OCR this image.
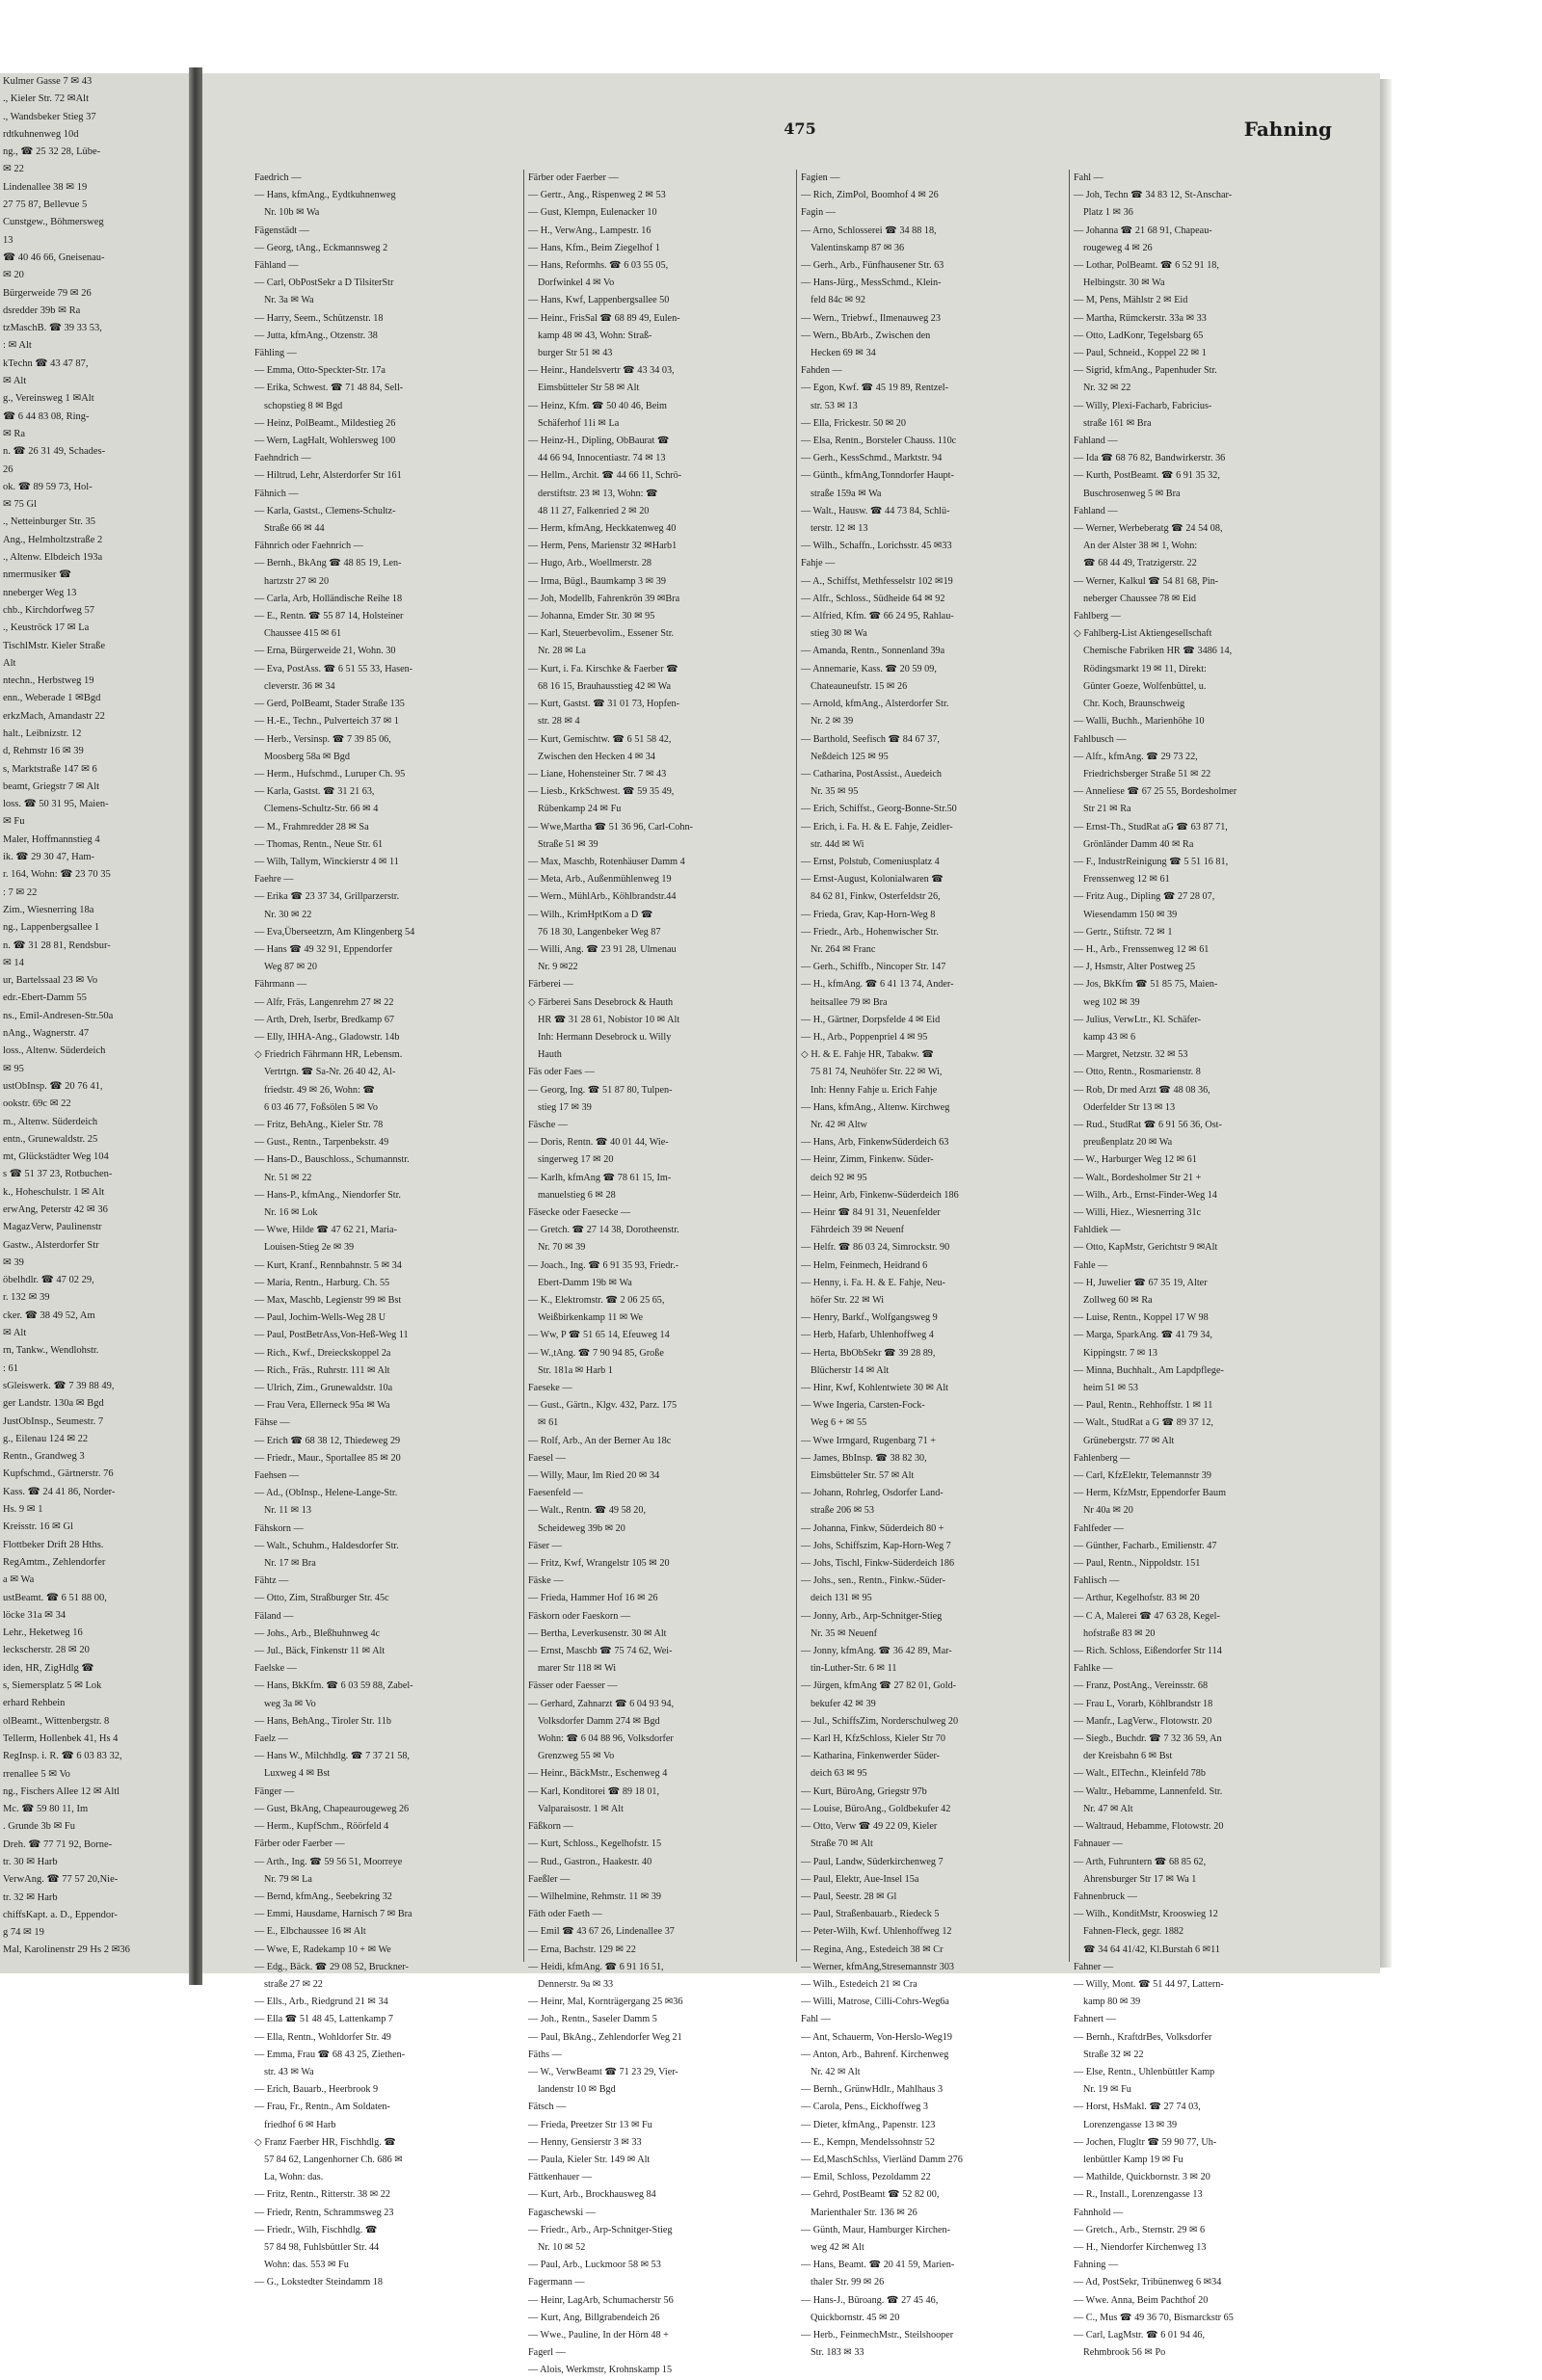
Kulmer Gasse 7 ✉ 43
., Kieler Str. 72 ✉Alt
., Wandsbeker Stieg 37
rdtkuhnenweg 10d
ng., ☎ 25 32 28, Lübe-
✉ 22
Lindenallee 38 ✉ 19
27 75 87, Bellevue 5
Cunstgew., Böhmersweg
13
☎ 40 46 66, Gneisenau-
✉ 20
Bürgerweide 79 ✉ 26
dsredder 39b ✉ Ra
tzMaschB. ☎ 39 33 53,
: ✉ Alt
kTechn ☎ 43 47 87,
✉ Alt
g., Vereinsweg 1 ✉Alt
☎ 6 44 83 08, Ring-
✉ Ra
n. ☎ 26 31 49, Schades-
26
ok. ☎ 89 59 73, Hol-
✉ 75 Gl
., Netteinburger Str. 35
Ang., Helmholtzstraße 2
., Altenw. Elbdeich 193a
nmermusiker ☎
nneberger Weg 13
chb., Kirchdorfweg 57
., Keuströck 17 ✉ La
TischlMstr. Kieler Straße
Alt
ntechn., Herbstweg 19
enn., Weberade 1 ✉Bgd
erkzMach, Amandastr 22
halt., Leibnizstr. 12
d, Rehmstr 16 ✉ 39
s, Marktstraße 147 ✉ 6
beamt, Griegstr 7 ✉ Alt
loss. ☎ 50 31 95, Maien-
✉ Fu
Maler, Hoffmannstieg 4
ik. ☎ 29 30 47, Ham-
r. 164, Wohn: ☎ 23 70 35
: 7 ✉ 22
Zim., Wiesnerring 18a
ng., Lappenbergsallee 1
n. ☎ 31 28 81, Rendsbur-
✉ 14
ur, Bartelssaal 23 ✉ Vo
edr.-Ebert-Damm 55
ns., Emil-Andresen-Str.50a
nAng., Wagnerstr. 47
loss., Altenw. Süderdeich
✉ 95
ustObInsp. ☎ 20 76 41,
ookstr. 69c ✉ 22
m., Altenw. Süderdeich
entn., Grunewaldstr. 25
mt, Glückstädter Weg 104
s ☎ 51 37 23, Rotbuchen-
k., Hoheschulstr. 1 ✉ Alt
erwAng, Peterstr 42 ✉ 36
MagazVerw, Paulinenstr
Gastw., Alsterdorfer Str
✉ 39
öbelhdlr. ☎ 47 02 29,
r. 132 ✉ 39
cker. ☎ 38 49 52, Am
✉ Alt
rn, Tankw., Wendlohstr.
: 61
sGleiswerk. ☎ 7 39 88 49,
ger Landstr. 130a ✉ Bgd
JustObInsp., Seumestr. 7
g., Eilenau 124 ✉ 22
Rentn., Grandweg 3
Kupfschmd., Gärtnerstr. 76
Kass. ☎ 24 41 86, Norder-
Hs. 9 ✉ 1
Kreisstr. 16 ✉ Gl
Flottbeker Drift 28 Hths.
RegAmtm., Zehlendorfer
a ✉ Wa
ustBeamt. ☎ 6 51 88 00,
löcke 31a ✉ 34
Lehr., Heketweg 16
leckscherstr. 28 ✉ 20
iden, HR, ZigHdlg ☎
s, Siemersplatz 5 ✉ Lok
erhard Rehbein
olBeamt., Wittenbergstr. 8
Tellerm, Hollenbek 41, Hs 4
RegInsp. i. R. ☎ 6 03 83 32,
rrenallee 5 ✉ Vo
ng., Fischers Allee 12 ✉ Altl
Mc. ☎ 59 80 11, Im
. Grunde 3b ✉ Fu
Dreh. ☎ 77 71 92, Borne-
tr. 30 ✉ Harb
VerwAng. ☎ 77 57 20,Nie-
tr. 32 ✉ Harb
chiffsKapt. a. D., Eppendor-
g 74 ✉ 19
Mal, Karolinenstr 29 Hs 2 ✉36
475	Fahning
Faedrich —
— Hans, kfmAng., Eydtkuhnenweg
Nr. 10b ✉ Wa
Fägenstädt —
— Georg, tAng., Eckmannsweg 2
Fähland —
— Carl, ObPostSekr a D TilsiterStr
Nr. 3a ✉ Wa
— Harry, Seem., Schützenstr. 18
— Jutta, kfmAng., Otzenstr. 38
Fähling —
— Emma, Otto-Speckter-Str. 17a
— Erika, Schwest. ☎ 71 48 84, Sell-
schopstieg 8 ✉ Bgd
— Heinz, PolBeamt., Mildestieg 26
— Wern, LagHalt, Wohlersweg 100
Faehndrich —
— Hiltrud, Lehr, Alsterdorfer Str 161
Fähnich —
— Karla, Gastst., Clemens-Schultz-
Straße 66 ✉ 44
Fähnrich oder Faehnrich —
— Bernh., BkAng ☎ 48 85 19, Len-
hartzstr 27 ✉ 20
— Carla, Arb, Holländische Reihe 18
— E., Rentn. ☎ 55 87 14, Holsteiner
Chaussee 415 ✉ 61
— Erna, Bürgerweide 21, Wohn. 30
— Eva, PostAss. ☎ 6 51 55 33, Hasen-
cleverstr. 36 ✉ 34
— Gerd, PolBeamt, Stader Straße 135
— H.-E., Techn., Pulverteich 37 ✉ 1
— Herb., Versinsp. ☎ 7 39 85 06,
Moosberg 58a ✉ Bgd
— Herm., Hufschmd., Luruper Ch. 95
— Karla, Gastst. ☎ 31 21 63,
Clemens-Schultz-Str. 66 ✉ 4
— M., Frahmredder 28 ✉ Sa
— Thomas, Rentn., Neue Str. 61
— Wilh, Tallym, Winckierstr 4 ✉ 11
Faehre —
— Erika ☎ 23 37 34, Grillparzerstr.
Nr. 30 ✉ 22
— Eva,Überseetzrn, Am Klingenberg 54
— Hans ☎ 49 32 91, Eppendorfer
Weg 87 ✉ 20
Fährmann —
— Alfr, Fräs, Langenrehm 27 ✉ 22
— Arth, Dreh, Iserbr, Bredkamp 67
— Elly, IHHA-Ang., Gladowstr. 14b
◇ Friedrich Fährmann HR, Lebensm.
Vertrtgn. ☎ Sa-Nr. 26 40 42, Al-
friedstr. 49 ✉ 26, Wohn: ☎
6 03 46 77, Foßsölen 5 ✉ Vo
— Fritz, BehAng., Kieler Str. 78
— Gust., Rentn., Tarpenbekstr. 49
— Hans-D., Bauschloss., Schumannstr.
Nr. 51 ✉ 22
— Hans-P., kfmAng., Niendorfer Str.
Nr. 16 ✉ Lok
— Wwe, Hilde ☎ 47 62 21, Maria-
Louisen-Stieg 2e ✉ 39
— Kurt, Kranf., Rennbahnstr. 5 ✉ 34
— Maria, Rentn., Harburg. Ch. 55
— Max, Maschb, Legienstr 99 ✉ Bst
— Paul, Jochim-Wells-Weg 28 U
— Paul, PostBetrAss,Von-Heß-Weg 11
— Rich., Kwf., Dreieckskoppel 2a
— Rich., Fräs., Ruhrstr. 111 ✉ Alt
— Ulrich, Zim., Grunewaldstr. 10a
— Frau Vera, Ellerneck 95a ✉ Wa
Fähse —
— Erich ☎ 68 38 12, Thiedeweg 29
— Friedr., Maur., Sportallee 85 ✉ 20
Faehsen —
— Ad., (ObInsp., Helene-Lange-Str.
Nr. 11 ✉ 13
Fähskorn —
— Walt., Schuhm., Haldesdorfer Str.
Nr. 17 ✉ Bra
Fähtz —
— Otto, Zim, Straßburger Str. 45c
Fäland —
— Johs., Arb., Bleßhuhnweg 4c
— Jul., Bäck, Finkenstr 11 ✉ Alt
Faelske —
— Hans, BkKfm. ☎ 6 03 59 88, Zabel-
weg 3a ✉ Vo
— Hans, BehAng., Tiroler Str. 11b
Faelz —
— Hans W., Milchhdlg. ☎ 7 37 21 58,
Luxweg 4 ✉ Bst
Fänger —
— Gust, BkAng, Chapeaurougeweg 26
— Herm., KupfSchm., Röörfeld 4
Färber oder Faerber —
— Arth., Ing. ☎ 59 56 51, Moorreye
Nr. 79 ✉ La
— Bernd, kfmAng., Seebekring 32
— Emmi, Hausdame, Harnisch 7 ✉ Bra
— E., Elbchaussee 16 ✉ Alt
— Wwe, E, Radekamp 10 + ✉ We
— Edg., Bäck. ☎ 29 08 52, Bruckner-
straße 27 ✉ 22
— Ells., Arb., Riedgrund 21 ✉ 34
— Ella ☎ 51 48 45, Lattenkamp 7
— Ella, Rentn., Wohldorfer Str. 49
— Emma, Frau ☎ 68 43 25, Ziethen-
str. 43 ✉ Wa
— Erich, Bauarb., Heerbrook 9
— Frau, Fr., Rentn., Am Soldaten-
friedhof 6 ✉ Harb
◇ Franz Faerber HR, Fischhdlg. ☎
57 84 62, Langenhorner Ch. 686 ✉
La, Wohn: das.
— Fritz, Rentn., Ritterstr. 38 ✉ 22
— Friedr, Rentn, Schrammsweg 23
— Friedr., Wilh, Fischhdlg. ☎
57 84 98, Fuhlsbüttler Str. 44
Wohn: das. 553 ✉ Fu
— G., Lokstedter Steindamm 18
Färber oder Faerber —
— Gertr., Ang., Rispenweg 2 ✉ 53
— Gust, Klempn, Eulenacker 10
— H., VerwAng., Lampestr. 16
— Hans, Kfm., Beim Ziegelhof 1
— Hans, Reformhs. ☎ 6 03 55 05,
Dorfwinkel 4 ✉ Vo
— Hans, Kwf, Lappenbergsallee 50
— Heinr., FrisSal ☎ 68 89 49, Eulen-
kamp 48 ✉ 43, Wohn: Straß-
burger Str 51 ✉ 43
— Heinr., Handelsvertr ☎ 43 34 03,
Eimsbütteler Str 58 ✉ Alt
— Heinz, Kfm. ☎ 50 40 46, Beim
Schäferhof 11i ✉ La
— Heinz-H., Dipling, ObBaurat ☎
44 66 94, Innocentiastr. 74 ✉ 13
— Hellm., Archit. ☎ 44 66 11, Schrö-
derstiftstr. 23 ✉ 13, Wohn: ☎
48 11 27, Falkenried 2 ✉ 20
— Herm, kfmAng, Heckkatenweg 40
— Herm, Pens, Marienstr 32 ✉Harb1
— Hugo, Arb., Woellmerstr. 28
— Irma, Bügl., Baumkamp 3 ✉ 39
— Joh, Modellb, Fahrenkrön 39 ✉Bra
— Johanna, Emder Str. 30 ✉ 95
— Karl, Steuerbevolim., Essener Str.
Nr. 28 ✉ La
— Kurt, i. Fa. Kirschke & Faerber ☎
68 16 15, Brauhausstieg 42 ✉ Wa
— Kurt, Gastst. ☎ 31 01 73, Hopfen-
str. 28 ✉ 4
— Kurt, Gemischtw. ☎ 6 51 58 42,
Zwischen den Hecken 4 ✉ 34
— Liane, Hohensteiner Str. 7 ✉ 43
— Liesb., KrkSchwest. ☎ 59 35 49,
Rübenkamp 24 ✉ Fu
— Wwe,Martha ☎ 51 36 96, Carl-Cohn-
Straße 51 ✉ 39
— Max, Maschb, Rotenhäuser Damm 4
— Meta, Arb., Außenmühlenweg 19
— Wern., MühlArb., Köhlbrandstr.44
— Wilh., KrimHptKom a D ☎
76 18 30, Langenbeker Weg 87
— Willi, Ang. ☎ 23 91 28, Ulmenau
Nr. 9 ✉22
Färberei —
◇ Färberei Sans Desebrock & Hauth
HR ☎ 31 28 61, Nobistor 10 ✉ Alt
Inh: Hermann Desebrock u. Willy
Hauth
Fäs oder Faes —
— Georg, Ing. ☎ 51 87 80, Tulpen-
stieg 17 ✉ 39
Fäsche —
— Doris, Rentn. ☎ 40 01 44, Wie-
singerweg 17 ✉ 20
— Karlh, kfmAng ☎ 78 61 15, Im-
manuelstieg 6 ✉ 28
Fäsecke oder Faesecke —
— Gretch. ☎ 27 14 38, Dorotheenstr.
Nr. 70 ✉ 39
— Joach., Ing. ☎ 6 91 35 93, Friedr.-
Ebert-Damm 19b ✉ Wa
— K., Elektromstr. ☎ 2 06 25 65,
Weißbirkenkamp 11 ✉ We
— Ww, P ☎ 51 65 14, Efeuweg 14
— W.,tAng. ☎ 7 90 94 85, Große
Str. 181a ✉ Harb 1
Faeseke —
— Gust., Gärtn., Klgv. 432, Parz. 175
✉ 61
— Rolf, Arb., An der Berner Au 18c
Faesel —
— Willy, Maur, Im Ried 20 ✉ 34
Faesenfeld —
— Walt., Rentn. ☎ 49 58 20,
Scheideweg 39b ✉ 20
Fäser —
— Fritz, Kwf, Wrangelstr 105 ✉ 20
Fäske —
— Frieda, Hammer Hof 16 ✉ 26
Fäskorn oder Faeskorn —
— Bertha, Leverkusenstr. 30 ✉ Alt
— Ernst, Maschb ☎ 75 74 62, Wei-
marer Str 118 ✉ Wi
Fässer oder Faesser —
— Gerhard, Zahnarzt ☎ 6 04 93 94,
Volksdorfer Damm 274 ✉ Bgd
Wohn: ☎ 6 04 88 96, Volksdorfer
Grenzweg 55 ✉ Vo
— Heinr., BäckMstr., Eschenweg 4
— Karl, Konditorei ☎ 89 18 01,
Valparaisostr. 1 ✉ Alt
Fäßkorn —
— Kurt, Schloss., Kegelhofstr. 15
— Rud., Gastron., Haakestr. 40
Faeßler —
— Wilhelmine, Rehmstr. 11 ✉ 39
Fäth oder Faeth —
— Emil ☎ 43 67 26, Lindenallee 37
— Erna, Bachstr. 129 ✉ 22
— Heidi, kfmAng. ☎ 6 91 16 51,
Dennerstr. 9a ✉ 33
— Heinr, Mal, Kornträgergang 25 ✉36
— Joh., Rentn., Saseler Damm 5
— Paul, BkAng., Zehlendorfer Weg 21
Fäths —
— W., VerwBeamt ☎ 71 23 29, Vier-
landenstr 10 ✉ Bgd
Fätsch —
— Frieda, Preetzer Str 13 ✉ Fu
— Henny, Gensierstr 3 ✉ 33
— Paula, Kieler Str. 149 ✉ Alt
Fättkenhauer —
— Kurt, Arb., Brockhausweg 84
Fagaschewski —
— Friedr., Arb., Arp-Schnitger-Stieg
Nr. 10 ✉ 52
— Paul, Arb., Luckmoor 58 ✉ 53
Fagermann —
— Heinr, LagArb, Schumacherstr 56
— Kurt, Ang, Billgrabendeich 26
— Wwe., Pauline, In der Hörn 48 +
Fagerl —
— Alois, Werkmstr, Krohnskamp 15
Fagien —
— Rich, ZimPol, Boomhof 4 ✉ 26
Fagin —
— Arno, Schlosserei ☎ 34 88 18,
Valentinskamp 87 ✉ 36
— Gerh., Arb., Fünfhausener Str. 63
— Hans-Jürg., MessSchmd., Klein-
feld 84c ✉ 92
— Wern., Triebwf., Ilmenauweg 23
— Wern., BbArb., Zwischen den
Hecken 69 ✉ 34
Fahden —
— Egon, Kwf. ☎ 45 19 89, Rentzel-
str. 53 ✉ 13
— Ella, Frickestr. 50 ✉ 20
— Elsa, Rentn., Borsteler Chauss. 110c
— Gerh., KessSchmd., Marktstr. 94
— Günth., kfmAng,Tonndorfer Haupt-
straße 159a ✉ Wa
— Walt., Hausw. ☎ 44 73 84, Schlü-
terstr. 12 ✉ 13
— Wilh., Schaffn., Lorichsstr. 45 ✉33
Fahje —
— A., Schiffst, Methfesselstr 102 ✉19
— Alfr., Schloss., Südheide 64 ✉ 92
— Alfried, Kfm. ☎ 66 24 95, Rahlau-
stieg 30 ✉ Wa
— Amanda, Rentn., Sonnenland 39a
— Annemarie, Kass. ☎ 20 59 09,
Chateauneufstr. 15 ✉ 26
— Arnold, kfmAng., Alsterdorfer Str.
Nr. 2 ✉ 39
— Barthold, Seefisch ☎ 84 67 37,
Neßdeich 125 ✉ 95
— Catharina, PostAssist., Auedeich
Nr. 35 ✉ 95
— Erich, Schiffst., Georg-Bonne-Str.50
— Erich, i. Fa. H. & E. Fahje, Zeidler-
str. 44d ✉ Wi
— Ernst, Polstub, Comeniusplatz 4
— Ernst-August, Kolonialwaren ☎
84 62 81, Finkw, Osterfeldstr 26,
— Frieda, Grav, Kap-Horn-Weg 8
— Friedr., Arb., Hohenwischer Str.
Nr. 264 ✉ Franc
— Gerh., Schiffb., Nincoper Str. 147
— H., kfmAng. ☎ 6 41 13 74, Ander-
heitsallee 79 ✉ Bra
— H., Gärtner, Dorpsfelde 4 ✉ Eid
— H., Arb., Poppenpriel 4 ✉ 95
◇ H. & E. Fahje HR, Tabakw. ☎
75 81 74, Neuhöfer Str. 22 ✉ Wi,
Inh: Henny Fahje u. Erich Fahje
— Hans, kfmAng., Altenw. Kirchweg
Nr. 42 ✉ Altw
— Hans, Arb, FinkenwSüderdeich 63
— Heinr, Zimm, Finkenw. Süder-
deich 92 ✉ 95
— Heinr, Arb, Finkenw-Süderdeich 186
— Heinr ☎ 84 91 31, Neuenfelder
Fährdeich 39 ✉ Neuenf
— Helfr. ☎ 86 03 24, Simrockstr. 90
— Helm, Feinmech, Heidrand 6
— Henny, i. Fa. H. & E. Fahje, Neu-
höfer Str. 22 ✉ Wi
— Henry, Barkf., Wolfgangsweg 9
— Herb, Hafarb, Uhlenhoffweg 4
— Herta, BbObSekr ☎ 39 28 89,
Blücherstr 14 ✉ Alt
— Hinr, Kwf, Kohlentwiete 30 ✉ Alt
— Wwe Ingeria, Carsten-Fock-
Weg 6 + ✉ 55
— Wwe Irmgard, Rugenbarg 71 +
— James, BbInsp. ☎ 38 82 30,
Eimsbütteler Str. 57 ✉ Alt
— Johann, Rohrleg, Osdorfer Land-
straße 206 ✉ 53
— Johanna, Finkw, Süderdeich 80 +
— Johs, Schiffszim, Kap-Horn-Weg 7
— Johs, Tischl, Finkw-Süderdeich 186
— Johs., sen., Rentn., Finkw.-Süder-
deich 131 ✉ 95
— Jonny, Arb., Arp-Schnitger-Stieg
Nr. 35 ✉ Neuenf
— Jonny, kfmAng. ☎ 36 42 89, Mar-
tin-Luther-Str. 6 ✉ 11
— Jürgen, kfmAng ☎ 27 82 01, Gold-
bekufer 42 ✉ 39
— Jul., SchiffsZim, Norderschulweg 20
— Karl H, KfzSchloss, Kieler Str 70
— Katharina, Finkenwerder Süder-
deich 63 ✉ 95
— Kurt, BüroAng, Griegstr 97b
— Louise, BüroAng., Goldbekufer 42
— Otto, Verw ☎ 49 22 09, Kieler
Straße 70 ✉ Alt
— Paul, Landw, Süderkirchenweg 7
— Paul, Elektr, Aue-Insel 15a
— Paul, Seestr. 28 ✉ Gl
— Paul, Straßenbauarb., Riedeck 5
— Peter-Wilh, Kwf. Uhlenhoffweg 12
— Regina, Ang., Estedeich 38 ✉ Cr
— Werner, kfmAng,Stresemannstr 303
— Wilh., Estedeich 21 ✉ Cra
— Willi, Matrose, Cilli-Cohrs-Weg6a
Fahl —
— Ant, Schauerm, Von-Herslo-Weg19
— Anton, Arb., Bahrenf. Kirchenweg
Nr. 42 ✉ Alt
— Bernh., GrünwHdlr., Mahlhaus 3
— Carola, Pens., Eickhoffweg 3
— Dieter, kfmAng., Papenstr. 123
— E., Kempn, Mendelssohnstr 52
— Ed,MaschSchlss, Vierländ Damm 276
— Emil, Schloss, Pezoldamm 22
— Gehrd, PostBeamt ☎ 52 82 00,
Marienthaler Str. 136 ✉ 26
— Günth, Maur, Hamburger Kirchen-
weg 42 ✉ Alt
— Hans, Beamt. ☎ 20 41 59, Marien-
thaler Str. 99 ✉ 26
— Hans-J., Büroang. ☎ 27 45 46,
Quickbornstr. 45 ✉ 20
— Herb., FeinmechMstr., Steilshooper
Str. 183 ✉ 33
Fahl —
— Joh, Techn ☎ 34 83 12, St-Anschar-
Platz 1 ✉ 36
— Johanna ☎ 21 68 91, Chapeau-
rougeweg 4 ✉ 26
— Lothar, PolBeamt. ☎ 6 52 91 18,
Helbingstr. 30 ✉ Wa
— M, Pens, Mählstr 2 ✉ Eid
— Martha, Rümckerstr. 33a ✉ 33
— Otto, LadKonr, Tegelsbarg 65
— Paul, Schneid., Koppel 22 ✉ 1
— Sigrid, kfmAng., Papenhuder Str.
Nr. 32 ✉ 22
— Willy, Plexi-Facharb, Fabricius-
straße 161 ✉ Bra
Fahland —
— Ida ☎ 68 76 82, Bandwirkerstr. 36
— Kurth, PostBeamt. ☎ 6 91 35 32,
Buschrosenweg 5 ✉ Bra
Fahland —
— Werner, Werbeberatg ☎ 24 54 08,
An der Alster 38 ✉ 1, Wohn:
☎ 68 44 49, Tratzigerstr. 22
— Werner, Kalkul ☎ 54 81 68, Pin-
neberger Chaussee 78 ✉ Eid
Fahlberg —
◇ Fahlberg-List Aktiengesellschaft
Chemische Fabriken HR ☎ 3486 14,
Rödingsmarkt 19 ✉ 11, Direkt:
Günter Goeze, Wolfenbüttel, u.
Chr. Koch, Braunschweig
— Walli, Buchh., Marienhöhe 10
Fahlbusch —
— Alfr., kfmAng. ☎ 29 73 22,
Friedrichsberger Straße 51 ✉ 22
— Anneliese ☎ 67 25 55, Bordesholmer
Str 21 ✉ Ra
— Ernst-Th., StudRat aG ☎ 63 87 71,
Grönländer Damm 40 ✉ Ra
— F., IndustrReinigung ☎ 5 51 16 81,
Frenssenweg 12 ✉ 61
— Fritz Aug., Dipling ☎ 27 28 07,
Wiesendamm 150 ✉ 39
— Gertr., Stiftstr. 72 ✉ 1
— H., Arb., Frenssenweg 12 ✉ 61
— J, Hsmstr, Alter Postweg 25
— Jos, BkKfm ☎ 51 85 75, Maien-
weg 102 ✉ 39
— Julius, VerwLtr., Kl. Schäfer-
kamp 43 ✉ 6
— Margret, Netzstr. 32 ✉ 53
— Otto, Rentn., Rosmarienstr. 8
— Rob, Dr med Arzt ☎ 48 08 36,
Oderfelder Str 13 ✉ 13
— Rud., StudRat ☎ 6 91 56 36, Ost-
preußenplatz 20 ✉ Wa
— W., Harburger Weg 12 ✉ 61
— Walt., Bordesholmer Str 21 +
— Wilh., Arb., Ernst-Finder-Weg 14
— Willi, Hiez., Wiesnerring 31c
Fahldiek —
— Otto, KapMstr, Gerichtstr 9 ✉Alt
Fahle —
— H, Juwelier ☎ 67 35 19, Alter
Zollweg 60 ✉ Ra
— Luise, Rentn., Koppel 17 W 98
— Marga, SparkAng. ☎ 41 79 34,
Kippingstr. 7 ✉ 13
— Minna, Buchhalt., Am Lapdpflege-
heim 51 ✉ 53
— Paul, Rentn., Rehhoffstr. 1 ✉ 11
— Walt., StudRat a G ☎ 89 37 12,
Grünebergstr. 77 ✉ Alt
Fahlenberg —
— Carl, KfzElektr, Telemannstr 39
— Herm, KfzMstr, Eppendorfer Baum
Nr 40a ✉ 20
Fahlfeder —
— Günther, Facharb., Emilienstr. 47
— Paul, Rentn., Nippoldstr. 151
Fahlisch —
— Arthur, Kegelhofstr. 83 ✉ 20
— C A, Malerei ☎ 47 63 28, Kegel-
hofstraße 83 ✉ 20
— Rich. Schloss, Eißendorfer Str 114
Fahlke —
— Franz, PostAng., Vereinsstr. 68
— Frau L, Vorarb, Köhlbrandstr 18
— Manfr., LagVerw., Flotowstr. 20
— Siegb., Buchdr. ☎ 7 32 36 59, An
der Kreisbahn 6 ✉ Bst
— Walt., ElTechn., Kleinfeld 78b
— Waltr., Hebamme, Lannenfeld. Str.
Nr. 47 ✉ Alt
— Waltraud, Hebamme, Flotowstr. 20
Fahnauer —
— Arth, Fuhruntern ☎ 68 85 62,
Ahrensburger Str 17 ✉ Wa 1
Fahnenbruck —
— Wilh., KonditMstr, Krooswieg 12
Fahnen-Fleck, gegr. 1882
☎ 34 64 41/42, Kl.Burstah 6 ✉11
Fahner —
— Willy, Mont. ☎ 51 44 97, Lattern-
kamp 80 ✉ 39
Fahnert —
— Bernh., KraftdrBes, Volksdorfer
Straße 32 ✉ 22
— Else, Rentn., Uhlenbüttler Kamp
Nr. 19 ✉ Fu
— Horst, HsMakl. ☎ 27 74 03,
Lorenzengasse 13 ✉ 39
— Jochen, Flugltr ☎ 59 90 77, Uh-
lenbüttler Kamp 19 ✉ Fu
— Mathilde, Quickbornstr. 3 ✉ 20
— R., Install., Lorenzengasse 13
Fahnhold —
— Gretch., Arb., Sternstr. 29 ✉ 6
— H., Niendorfer Kirchenweg 13
Fahning —
— Ad, PostSekr, Tribünenweg 6 ✉34
— Wwe. Anna, Beim Pachthof 20
— C., Mus ☎ 49 36 70, Bismarckstr 65
— Carl, LagMstr. ☎ 6 01 94 46,
Rehmbrook 56 ✉ Po
